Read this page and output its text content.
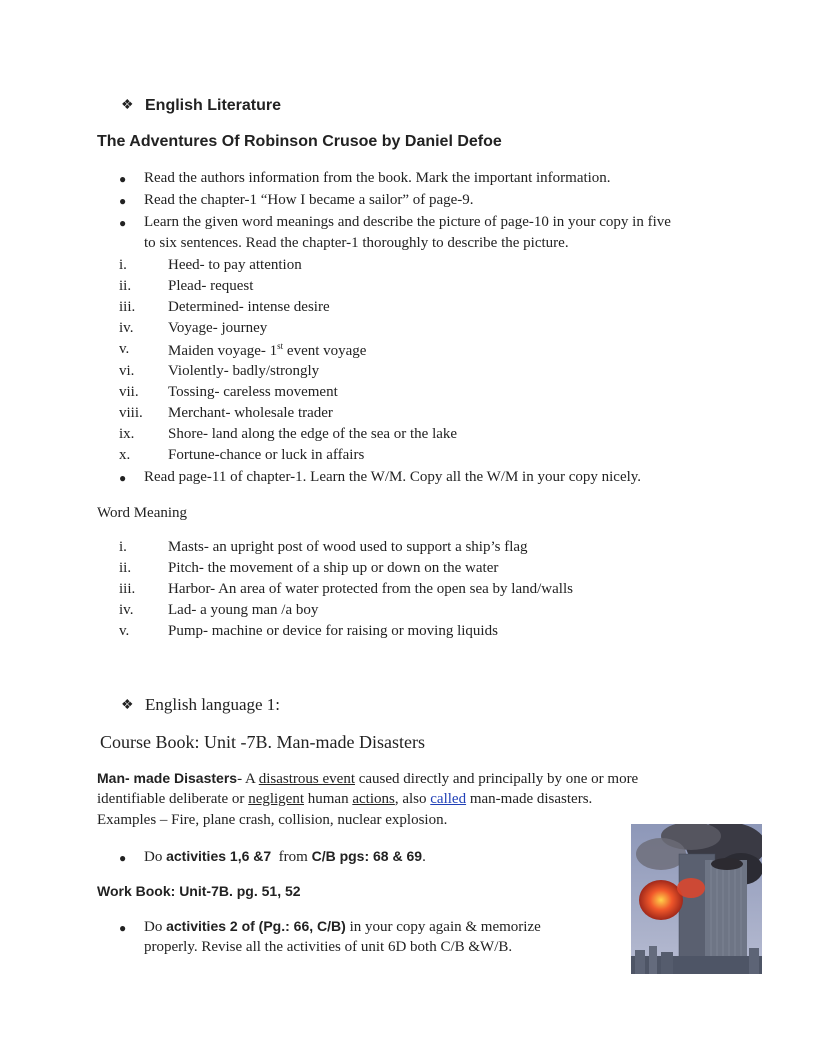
❖ English Literature
The Adventures Of Robinson Crusoe by Daniel Defoe
● Read the authors information from the book. Mark the important information.
● Read the chapter-1 “How I became a sailor” of page-9.
● Learn the given word meanings and describe the picture of page-10 in your copy in five
to six sentences. Read the chapter-1 thoroughly to describe the picture.
i.	Heed- to pay attention
ii. Plead- request
iii. Determined- intense desire
iv. Voyage- journey
v.	Maiden voyage- 1st event voyage
vi. Violently- badly/strongly
vii. Tossing- careless movement
viii. Merchant- wholesale trader
ix. Shore- land along the edge of the sea or the lake
x.	Fortune-chance or luck in affairs
● Read page-11 of chapter-1. Learn the W/M. Copy all the W/M in your copy nicely.
Word Meaning
i.	Masts- an upright post of wood used to support a ship’s flag
ii. Pitch- the movement of a ship up or down on the water
iii. Harbor- An area of water protected from the open sea by land/walls
iv. Lad- a young man /a boy
v.	Pump- machine or device for raising or moving liquids
❖ English language 1:
Course Book: Unit -7B. Man-made Disasters
Man- made Disasters- A disastrous event caused directly and principally by one or more
identifiable deliberate or negligent human actions, also called man-made disasters.
Examples – Fire, plane crash, collision, nuclear explosion.
● Do activities 1,6 &7  from C/B pgs: 68 & 69.
Work Book: Unit-7B. pg. 51, 52
● Do activities 2 of (Pg.: 66, C/B) in your copy again & memorize
properly. Revise all the activities of unit 6D both C/B &W/B.
